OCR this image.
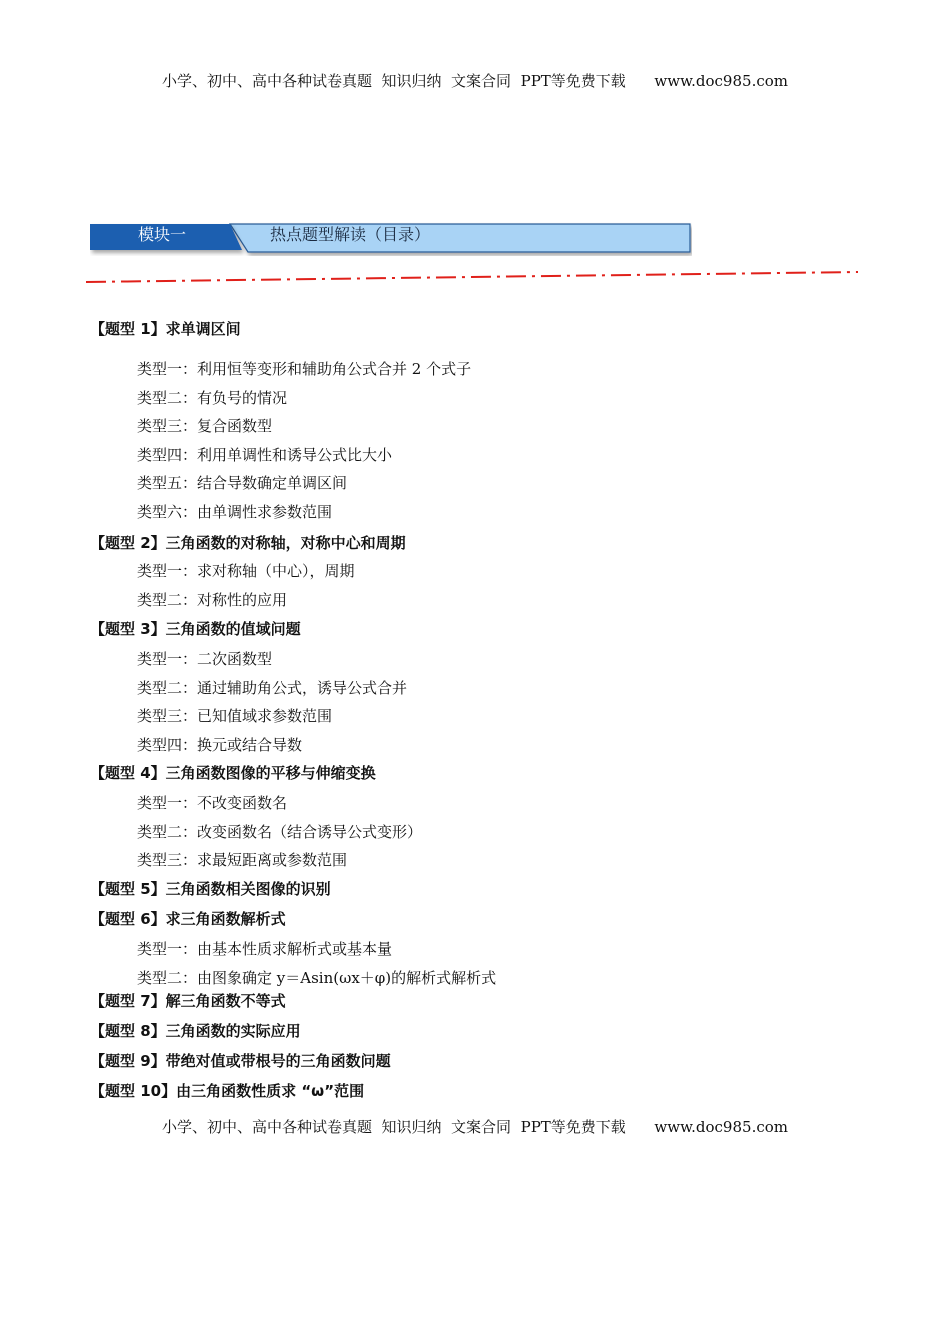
小学、初中、高中各种试卷真题  知识归纳  文案合同  PPT等免费下载      www.doc985.com
模块一	热点题型解读（目录）
【题型 1】求单调区间
类型一：利用恒等变形和辅助角公式合并 2 个式子
类型二：有负号的情况
类型三：复合函数型
类型四：利用单调性和诱导公式比大小
类型五：结合导数确定单调区间
类型六：由单调性求参数范围
【题型 2】三角函数的对称轴，对称中心和周期
类型一：求对称轴（中心），周期
类型二：对称性的应用
【题型 3】三角函数的值域问题
类型一：二次函数型
类型二：通过辅助角公式，诱导公式合并
类型三：已知值域求参数范围
类型四：换元或结合导数
【题型 4】三角函数图像的平移与伸缩变换
类型一：不改变函数名
类型二：改变函数名（结合诱导公式变形）
类型三：求最短距离或参数范围
【题型 5】三角函数相关图像的识别
【题型 6】求三角函数解析式
类型一：由基本性质求解析式或基本量
类型二：由图象确定 y＝Asin(ωx＋φ)的解析式解析式
【题型 7】解三角函数不等式
【题型 8】三角函数的实际应用
【题型 9】带绝对值或带根号的三角函数问题
【题型 10】由三角函数性质求 “ω”范围
小学、初中、高中各种试卷真题  知识归纳  文案合同  PPT等免费下载      www.doc985.com
